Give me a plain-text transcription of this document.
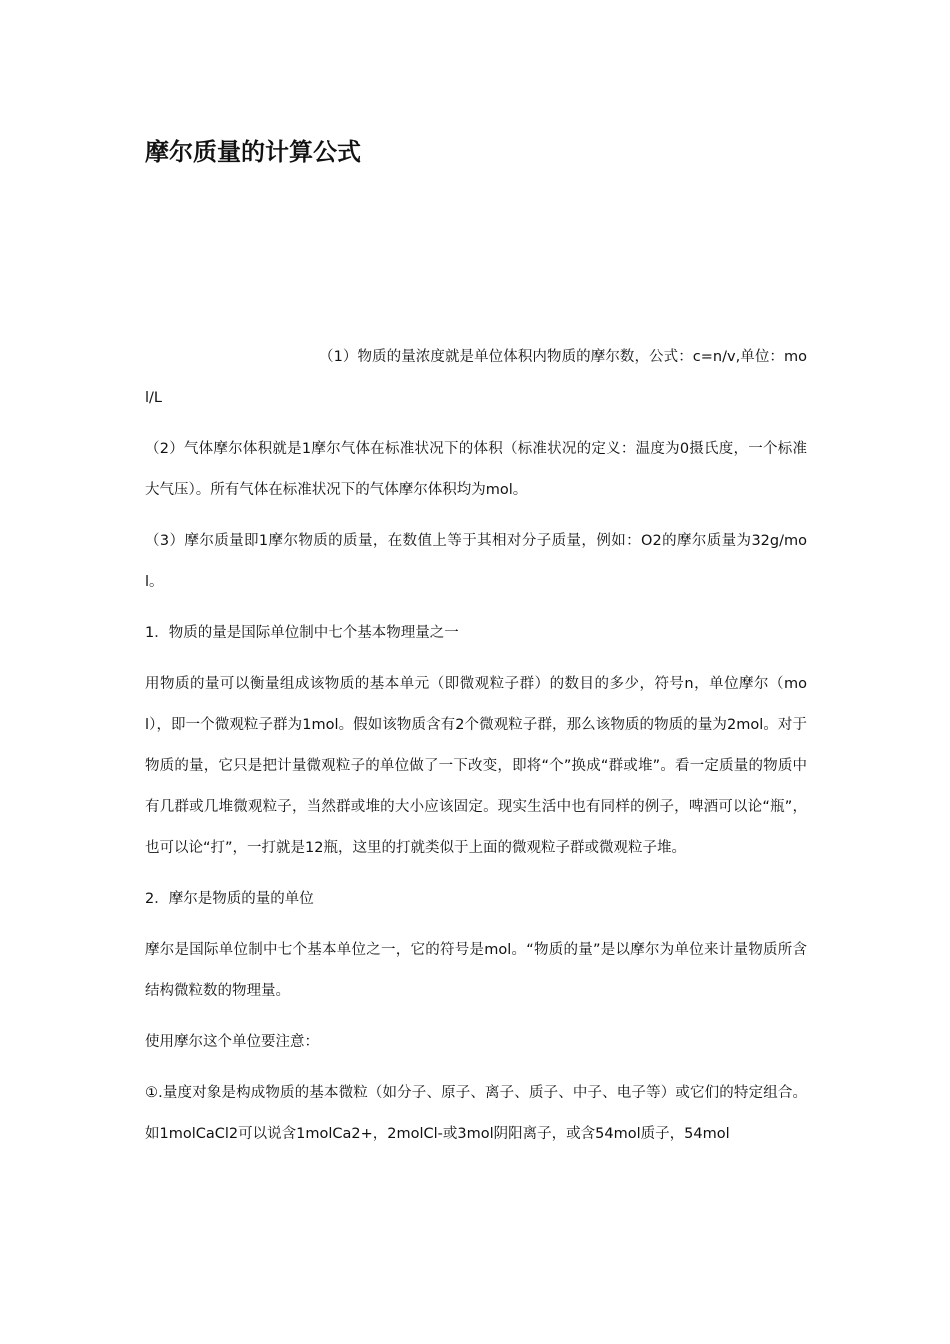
摩尔质量的计算公式

（1）物质的量浓度就是单位体积内物质的摩尔数，公式：c=n/v,单位：mol/L

（2）气体摩尔体积就是1摩尔气体在标准状况下的体积（标准状况的定义：温度为0摄氏度，一个标准大气压）。所有气体在标准状况下的气体摩尔体积均为mol。

（3）摩尔质量即1摩尔物质的质量，在数值上等于其相对分子质量，例如：O2的摩尔质量为32g/mol。

1．物质的量是国际单位制中七个基本物理量之一

用物质的量可以衡量组成该物质的基本单元（即微观粒子群）的数目的多少，符号n，单位摩尔（mol），即一个微观粒子群为1mol。假如该物质含有2个微观粒子群，那么该物质的物质的量为2mol。对于物质的量，它只是把计量微观粒子的单位做了一下改变，即将“个”换成“群或堆”。看一定质量的物质中有几群或几堆微观粒子，当然群或堆的大小应该固定。现实生活中也有同样的例子，啤酒可以论“瓶”，也可以论“打”，一打就是12瓶，这里的打就类似于上面的微观粒子群或微观粒子堆。

2．摩尔是物质的量的单位

摩尔是国际单位制中七个基本单位之一，它的符号是mol。“物质的量”是以摩尔为单位来计量物质所含结构微粒数的物理量。

使用摩尔这个单位要注意：

①.量度对象是构成物质的基本微粒（如分子、原子、离子、质子、中子、电子等）或它们的特定组合。如1molCaCl2可以说含1molCa2+，2molCl-或3mol阴阳离子，或含54mol质子，54mol
